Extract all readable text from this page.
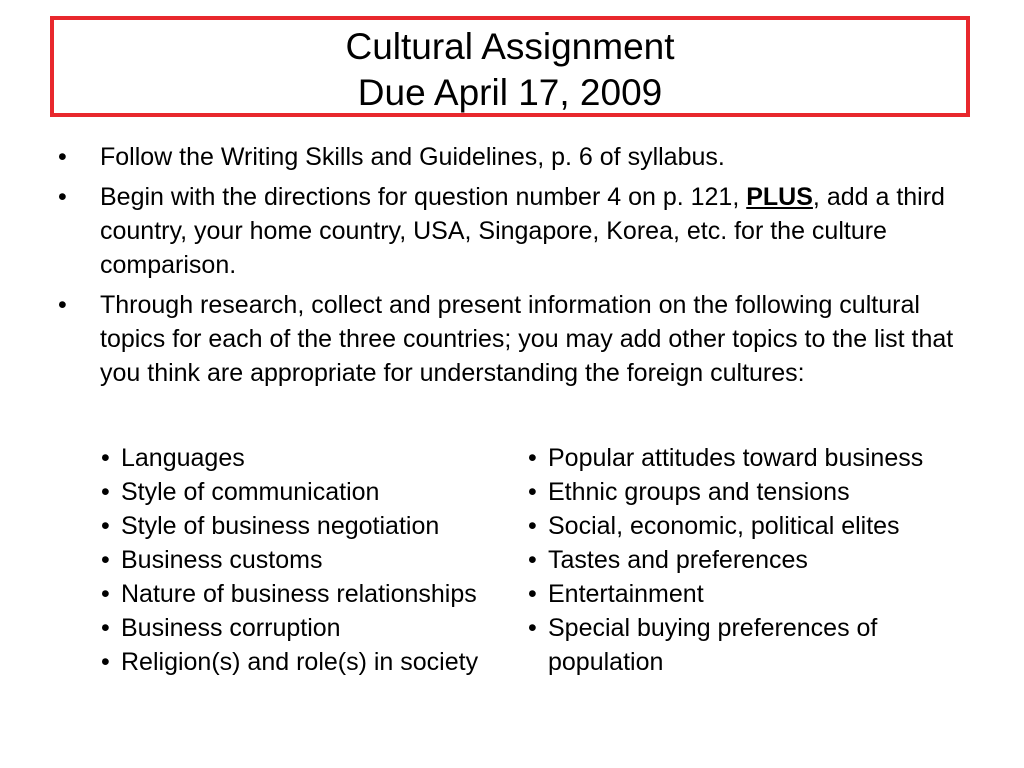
Cultural Assignment
Due April 17, 2009
• Follow the Writing Skills and Guidelines, p. 6 of syllabus.
• Begin with the directions for question number 4 on p. 121, PLUS, add a third country, your home country, USA, Singapore, Korea, etc. for the culture comparison.
• Through research, collect and present information on the following cultural topics for each of the three countries; you may add other topics to the list that you think are appropriate for understanding the foreign cultures:
• Languages
• Style of communication
• Style of business negotiation
• Business customs
• Nature of business relationships
• Business corruption
• Religion(s) and role(s) in society
• Popular attitudes toward business
• Ethnic groups and tensions
• Social, economic, political elites
• Tastes and preferences
• Entertainment
• Special buying preferences of population
